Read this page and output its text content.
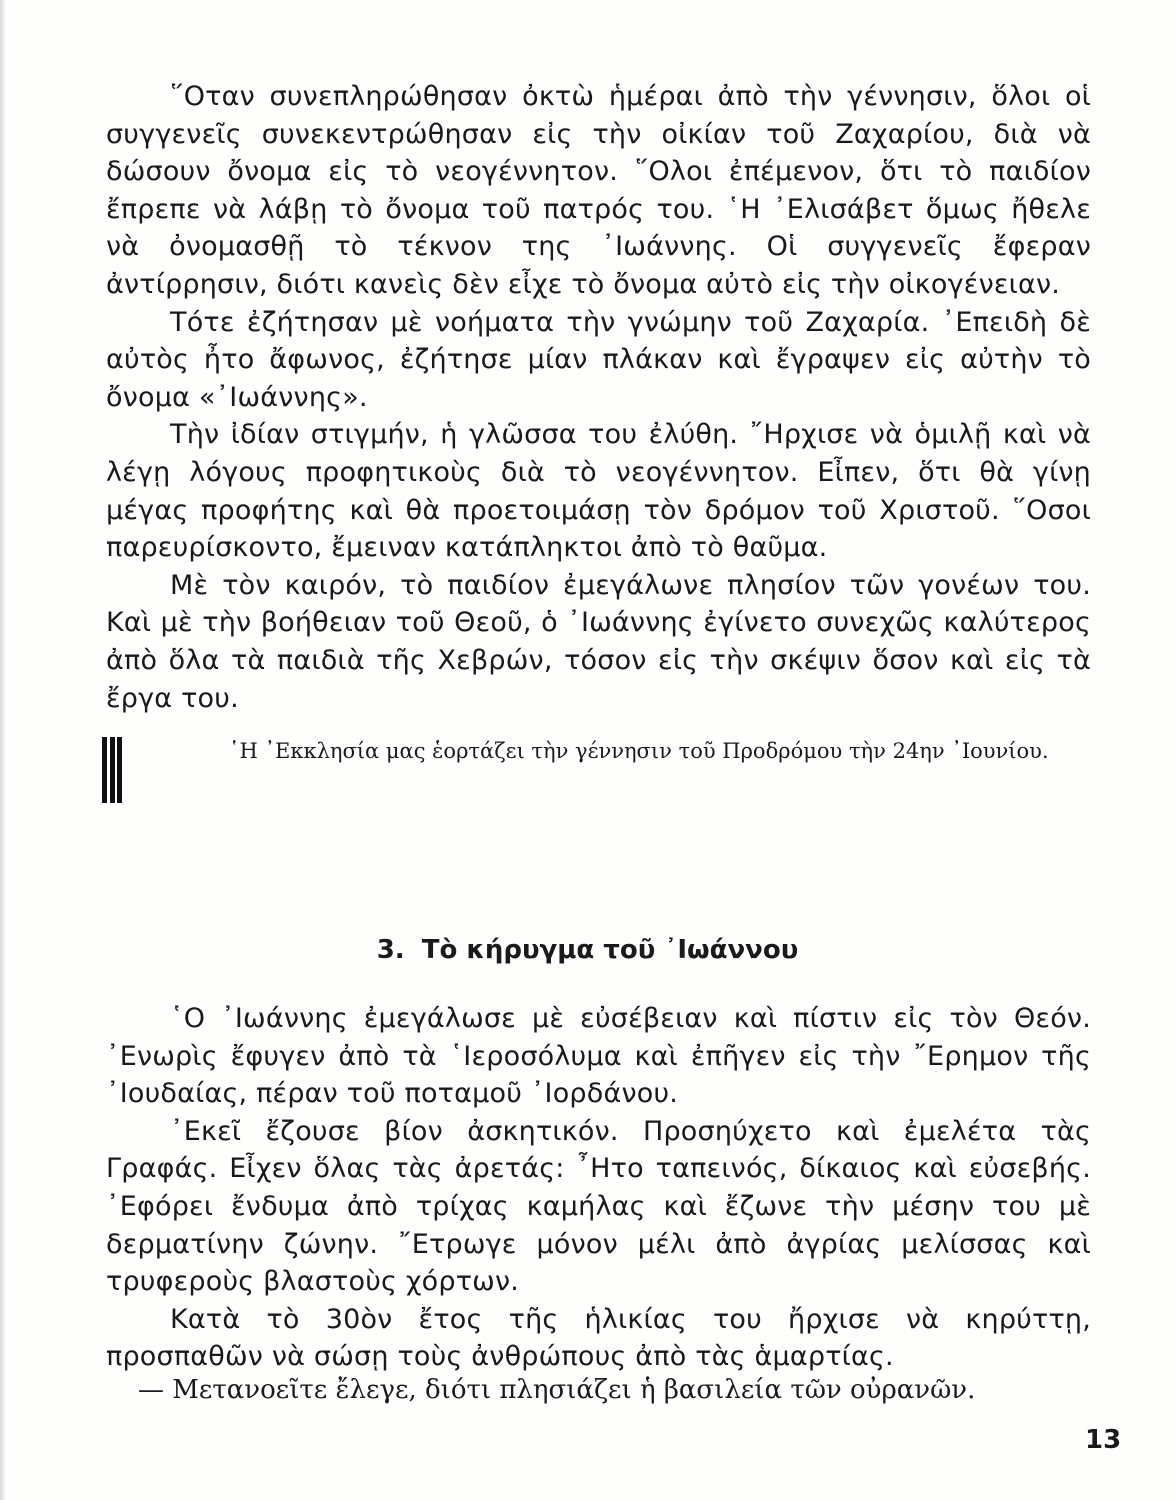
῞Οταν συνεπληρώθησαν ὀκτὼ ἡμέραι ἀπὸ τὴν γέννησιν, ὅλοι οἱ συγγενεῖς συνεκεντρώθησαν εἰς τὴν οἰκίαν τοῦ Ζαχαρίου, διὰ νὰ δώσουν ὄνομα εἰς τὸ νεογέννητον. ῞Ολοι ἐπέμενον, ὅτι τὸ παιδίον ἔπρεπε νὰ λάβῃ τὸ ὄνομα τοῦ πατρός του. ῾Η ᾿Ελισάβετ ὅμως ἤθελε νὰ ὀνομασθῇ τὸ τέκνον της ᾿Ιωάννης. Οἱ συγγενεῖς ἔφεραν ἀντίρρησιν, διότι κανεὶς δὲν εἶχε τὸ ὄνομα αὐτὸ εἰς τὴν οἰκογένειαν.

Τότε ἐζήτησαν μὲ νοήματα τὴν γνώμην τοῦ Ζαχαρία. ᾿Επειδὴ δὲ αὐτὸς ἦτο ἄφωνος, ἐζήτησε μίαν πλάκαν καὶ ἔγραψεν εἰς αὐτὴν τὸ ὄνομα «᾿Ιωάννης».

Τὴν ἰδίαν στιγμήν, ἡ γλῶσσα του ἐλύθη. ῎Ηρχισε νὰ ὁμιλῇ καὶ νὰ λέγῃ λόγους προφητικοὺς διὰ τὸ νεογέννητον. Εἶπεν, ὅτι θὰ γίνῃ μέγας προφήτης καὶ θὰ προετοιμάσῃ τὸν δρόμον τοῦ Χριστοῦ. ῞Οσοι παρευρίσκοντο, ἔμειναν κατάπληκτοι ἀπὸ τὸ θαῦμα.

Μὲ τὸν καιρόν, τὸ παιδίον ἐμεγάλωνε πλησίον τῶν γονέων του. Καὶ μὲ τὴν βοήθειαν τοῦ Θεοῦ, ὁ ᾿Ιωάννης ἐγίνετο συνεχῶς καλύτερος ἀπὸ ὅλα τὰ παιδιὰ τῆς Χεβρών, τόσον εἰς τὴν σκέψιν ὅσον καὶ εἰς τὰ ἔργα του.

῾Η ᾿Εκκλησία μας ἑορτάζει τὴν γέννησιν τοῦ Προδρόμου τὴν 24ην ᾿Ιουνίου.

3. Τὸ κήρυγμα τοῦ ᾿Ιωάννου

῾Ο ᾿Ιωάννης ἐμεγάλωσε μὲ εὐσέβειαν καὶ πίστιν εἰς τὸν Θεόν. ᾿Ενωρὶς ἔφυγεν ἀπὸ τὰ ῾Ιεροσόλυμα καὶ ἐπῆγεν εἰς τὴν ῎Ερημον τῆς ᾿Ιουδαίας, πέραν τοῦ ποταμοῦ ᾿Ιορδάνου.

᾿Εκεῖ ἔζουσε βίον ἀσκητικόν. Προσηύχετο καὶ ἐμελέτα τὰς Γραφάς. Εἶχεν ὅλας τὰς ἀρετάς: ῏Ητο ταπεινός, δίκαιος καὶ εὐσεβής. ᾿Εφόρει ἔνδυμα ἀπὸ τρίχας καμήλας καὶ ἔζωνε τὴν μέσην του μὲ δερματίνην ζώνην. ῎Ετρωγε μόνον μέλι ἀπὸ ἀγρίας μελίσσας καὶ τρυφεροὺς βλαστοὺς χόρτων.

Κατὰ τὸ 30ὸν ἔτος τῆς ἡλικίας του ἤρχισε νὰ κηρύττῃ, προσπαθῶν νὰ σώσῃ τοὺς ἀνθρώπους ἀπὸ τὰς ἁμαρτίας.

— Μετανοεῖτε ἔλεγε, διότι πλησιάζει ἡ βασιλεία τῶν οὐρανῶν.
13
